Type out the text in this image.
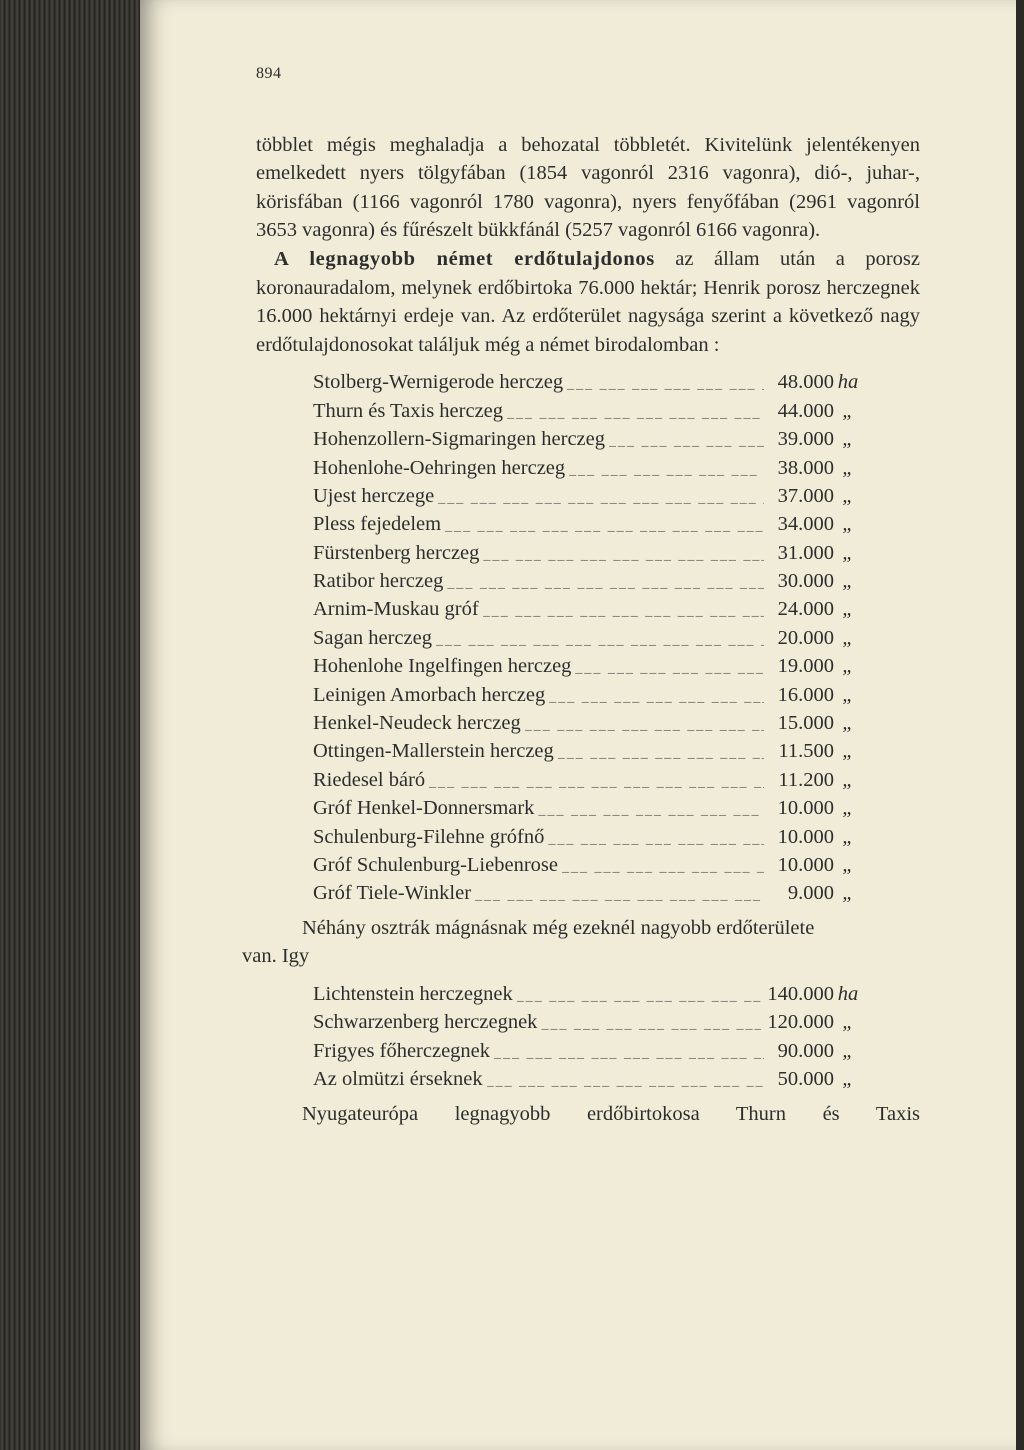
894

többlet mégis meghaladja a behozatal többletét. Kivitelünk jelentékenyen emelkedett nyers tölgyfában (1854 vagonról 2316 vagonra), dió-, juhar-, körisfában (1166 vagonról 1780 vagonra), nyers fenyőfában (2961 vagonról 3653 vagonra) és fűrészelt bükkfánál (5257 vagonról 6166 vagonra).

A legnagyobb német erdőtulajdonos az állam után a porosz koronauradalom, melynek erdőbirtoka 76.000 hektár; Henrik porosz herczegnek 16.000 hektárnyi erdeje van. Az erdőterület nagysága szerint a következő nagy erdőtulajdonosokat találjuk még a német birodalomban :

Stolberg-Wernigerode herczeg ___ _	48.000 ha
Thurn és Taxis herczeg ___ _	44.000 „
Hohenzollern-Sigmaringen herczeg ___ _	39.000 „
Hohenlohe-Oehringen herczeg ___ _	38.000 „
Ujest herczege ___ _	37.000 „
Pless fejedelem ___ _	34.000 „
Fürstenberg herczeg ___ _	31.000 „
Ratibor herczeg ___ _	30.000 „
Arnim-Muskau gróf ___ _	24.000 „
Sagan herczeg ___ _	20.000 „
Hohenlohe Ingelfingen herczeg ___ _	19.000 „
Leinigen Amorbach herczeg ___ _	16.000 „
Henkel-Neudeck herczeg ___ _	15.000 „
Ottingen-Mallerstein herczeg ___ _	11.500 „
Riedesel báró ___ _	11.200 „
Gróf Henkel-Donnersmark ___ _	10.000 „
Schulenburg-Filehne grófnő ___ _	10.000 „
Gróf Schulenburg-Liebenrose ___ _	10.000 „
Gróf Tiele-Winkler ___ _	9.000 „

Néhány osztrák mágnásnak még ezeknél nagyobb erdőterülete

van. Igy

Lichtenstein herczegnek ___ _	140.000 ha
Schwarzenberg herczegnek ___ _	120.000 „
Frigyes főherczegnek ___ _	90.000 „
Az olmützi érseknek ___ _	50.000 „

Nyugateurópa legnagyobb erdőbirtokosa Thurn és Taxis
